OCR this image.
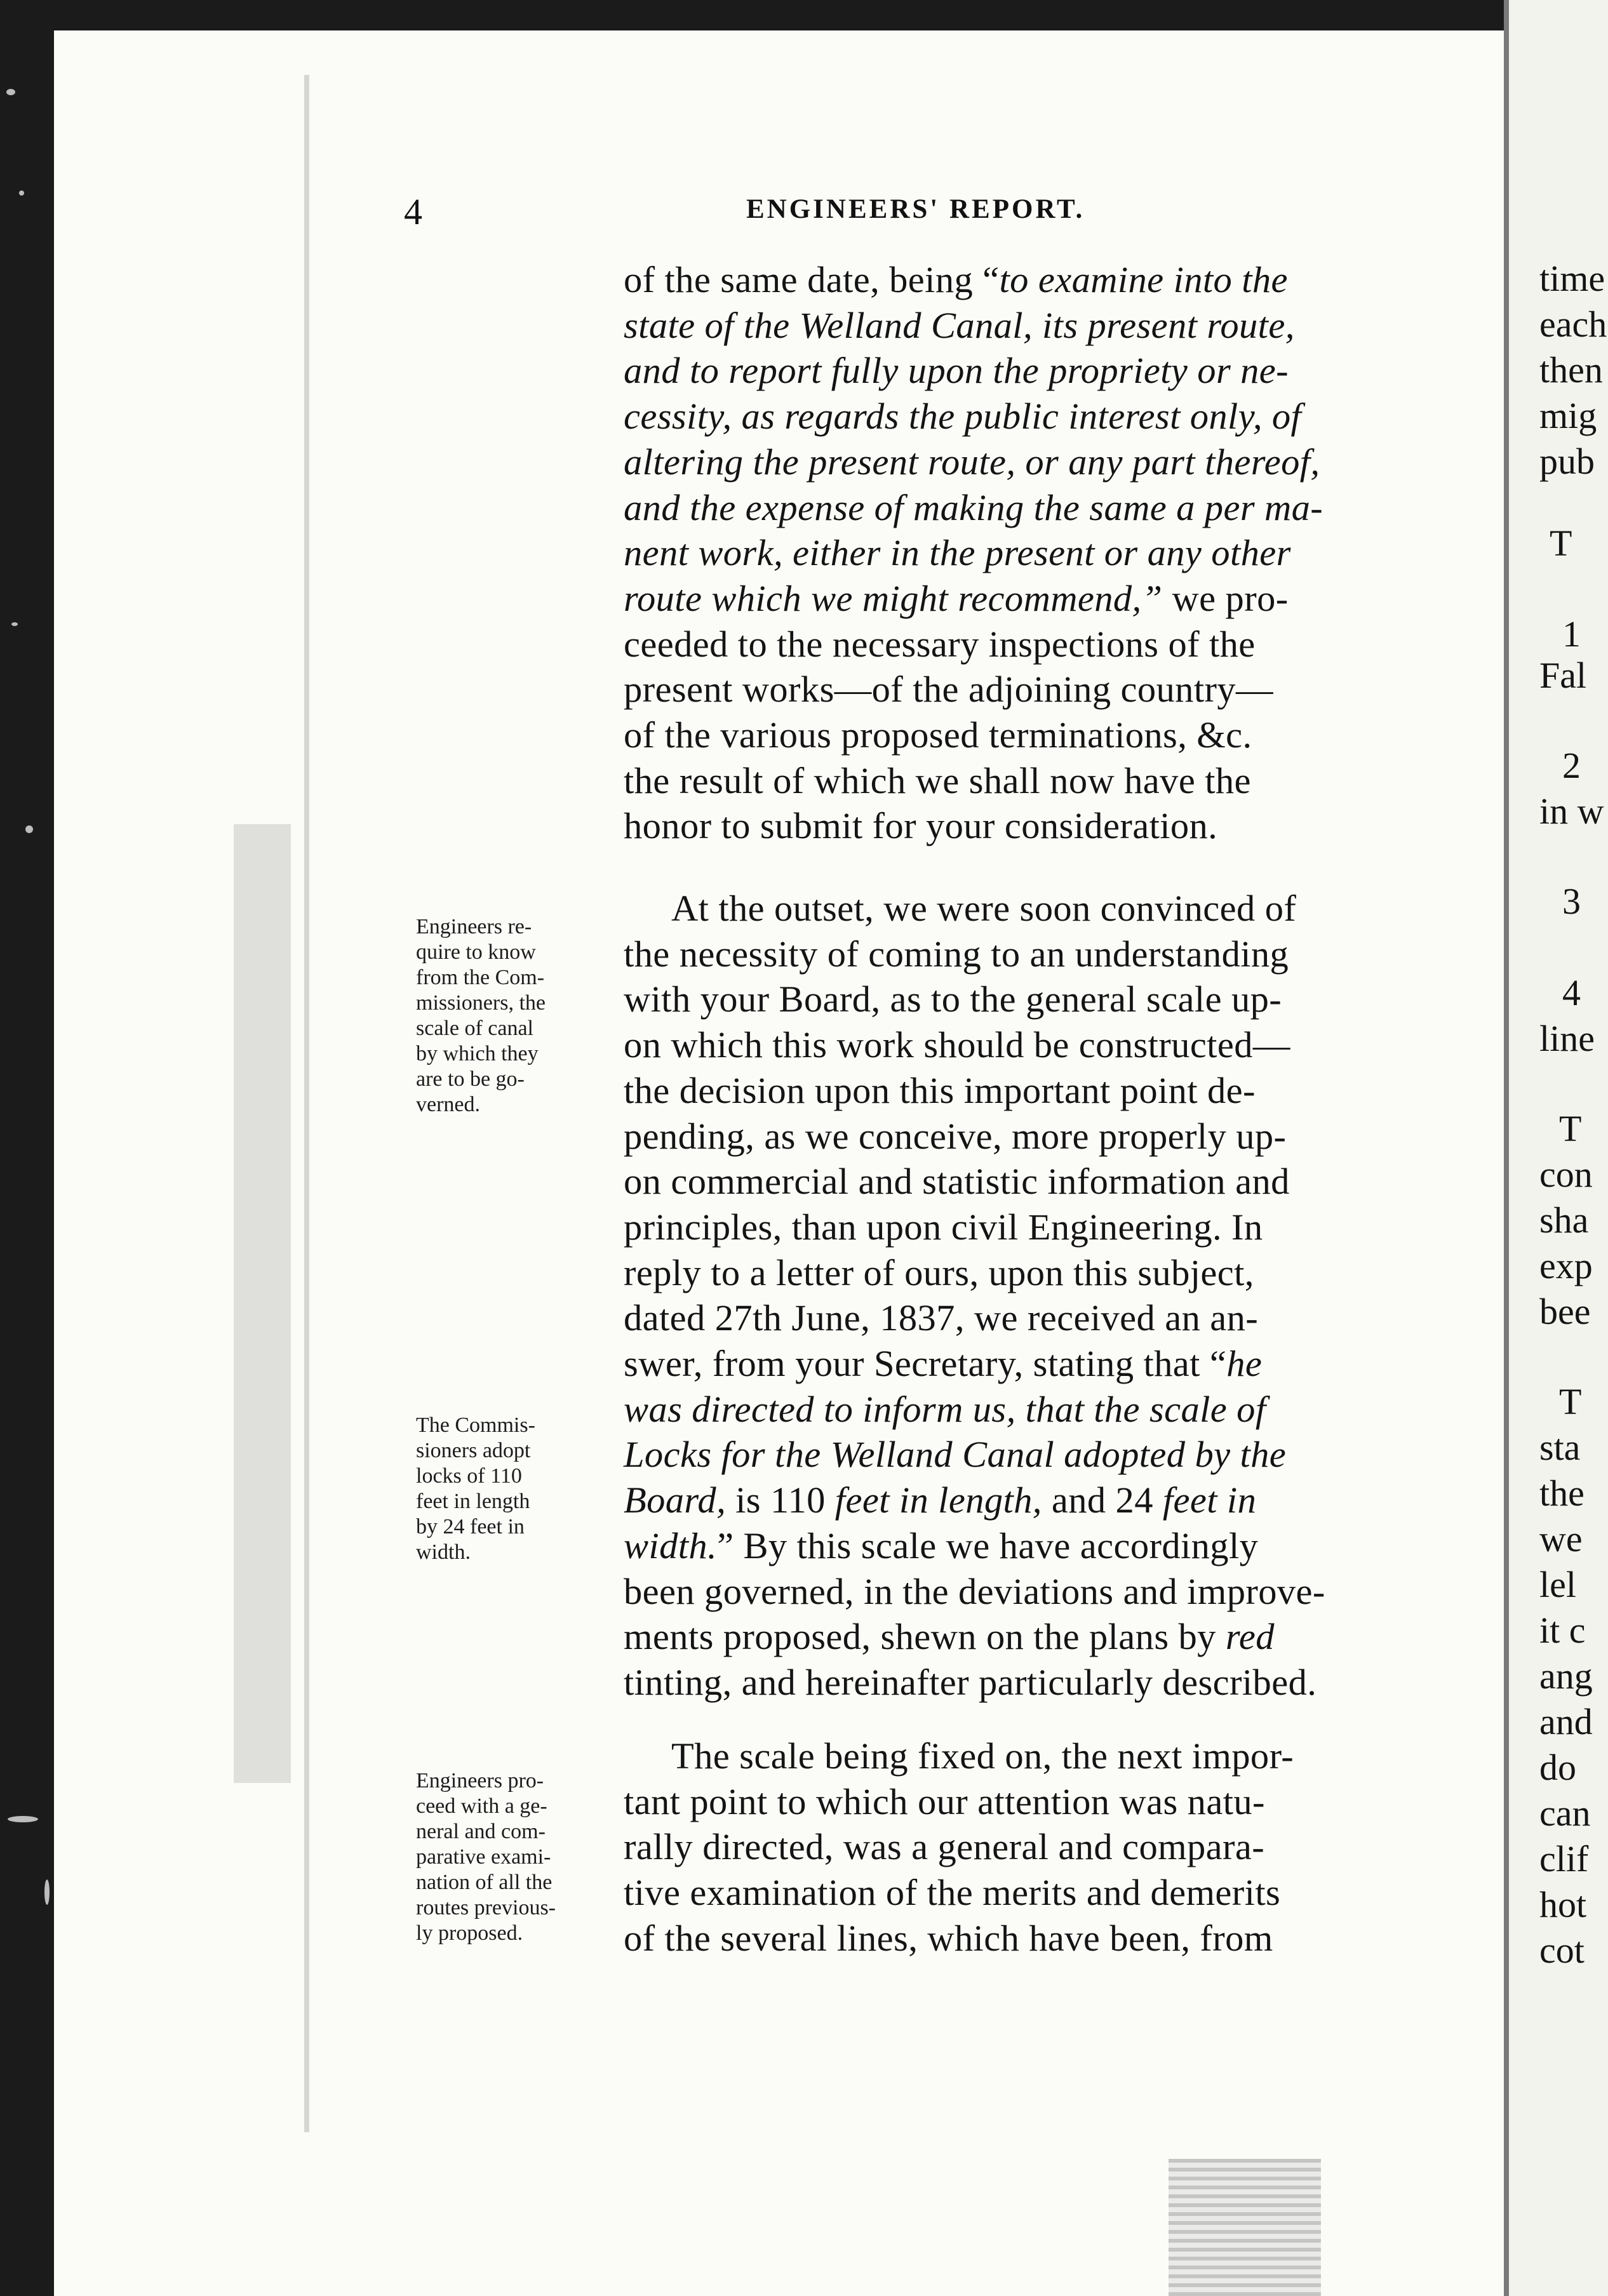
4	ENGINEERS' REPORT.

of the same date, being “to examine into the
state of the Welland Canal, its present route,
and to report fully upon the propriety or ne-
cessity, as regards the public interest only, of
altering the present route, or any part thereof,
and the expense of making the same a per ma-
nent work, either in the present or any other
route which we might recommend,” we pro-
ceeded to the necessary inspections of the
present works—of the adjoining country—
of the various proposed terminations, &c.
the result of which we shall now have the
honor to submit for your consideration.

At the outset, we were soon convinced of
the necessity of coming to an understanding
with your Board, as to the general scale up-
on which this work should be constructed—
the decision upon this important point de-
pending, as we conceive, more properly up-
on commercial and statistic information and
principles, than upon civil Engineering. In
reply to a letter of ours, upon this subject,
dated 27th June, 1837, we received an an-
swer, from your Secretary, stating that “he
was directed to inform us, that the scale of
Locks for the Welland Canal adopted by the
Board, is 110 feet in length, and 24 feet in
width.” By this scale we have accordingly
been governed, in the deviations and improve-
ments proposed, shewn on the plans by red
tinting, and hereinafter particularly described.

The scale being fixed on, the next impor-
tant point to which our attention was natu-
rally directed, was a general and compara-
tive examination of the merits and demerits
of the several lines, which have been, from

Engineers re-
quire to know
from the Com-
missioners, the
scale of canal
by which they
are to be go-
verned.

The Commis-
sioners adopt
locks of 110
feet in length
by 24 feet in
width.

Engineers pro-
ceed with a ge-
neral and com-
parative exami-
nation of all the
routes previous-
ly proposed.

time
each
then
mig
pub
T
1
Fal
2
in w
3
4
line
T
con
sha
exp
bee
T
sta
the
we
lel
it c
ang
and
do
can
clif
hot
cot
